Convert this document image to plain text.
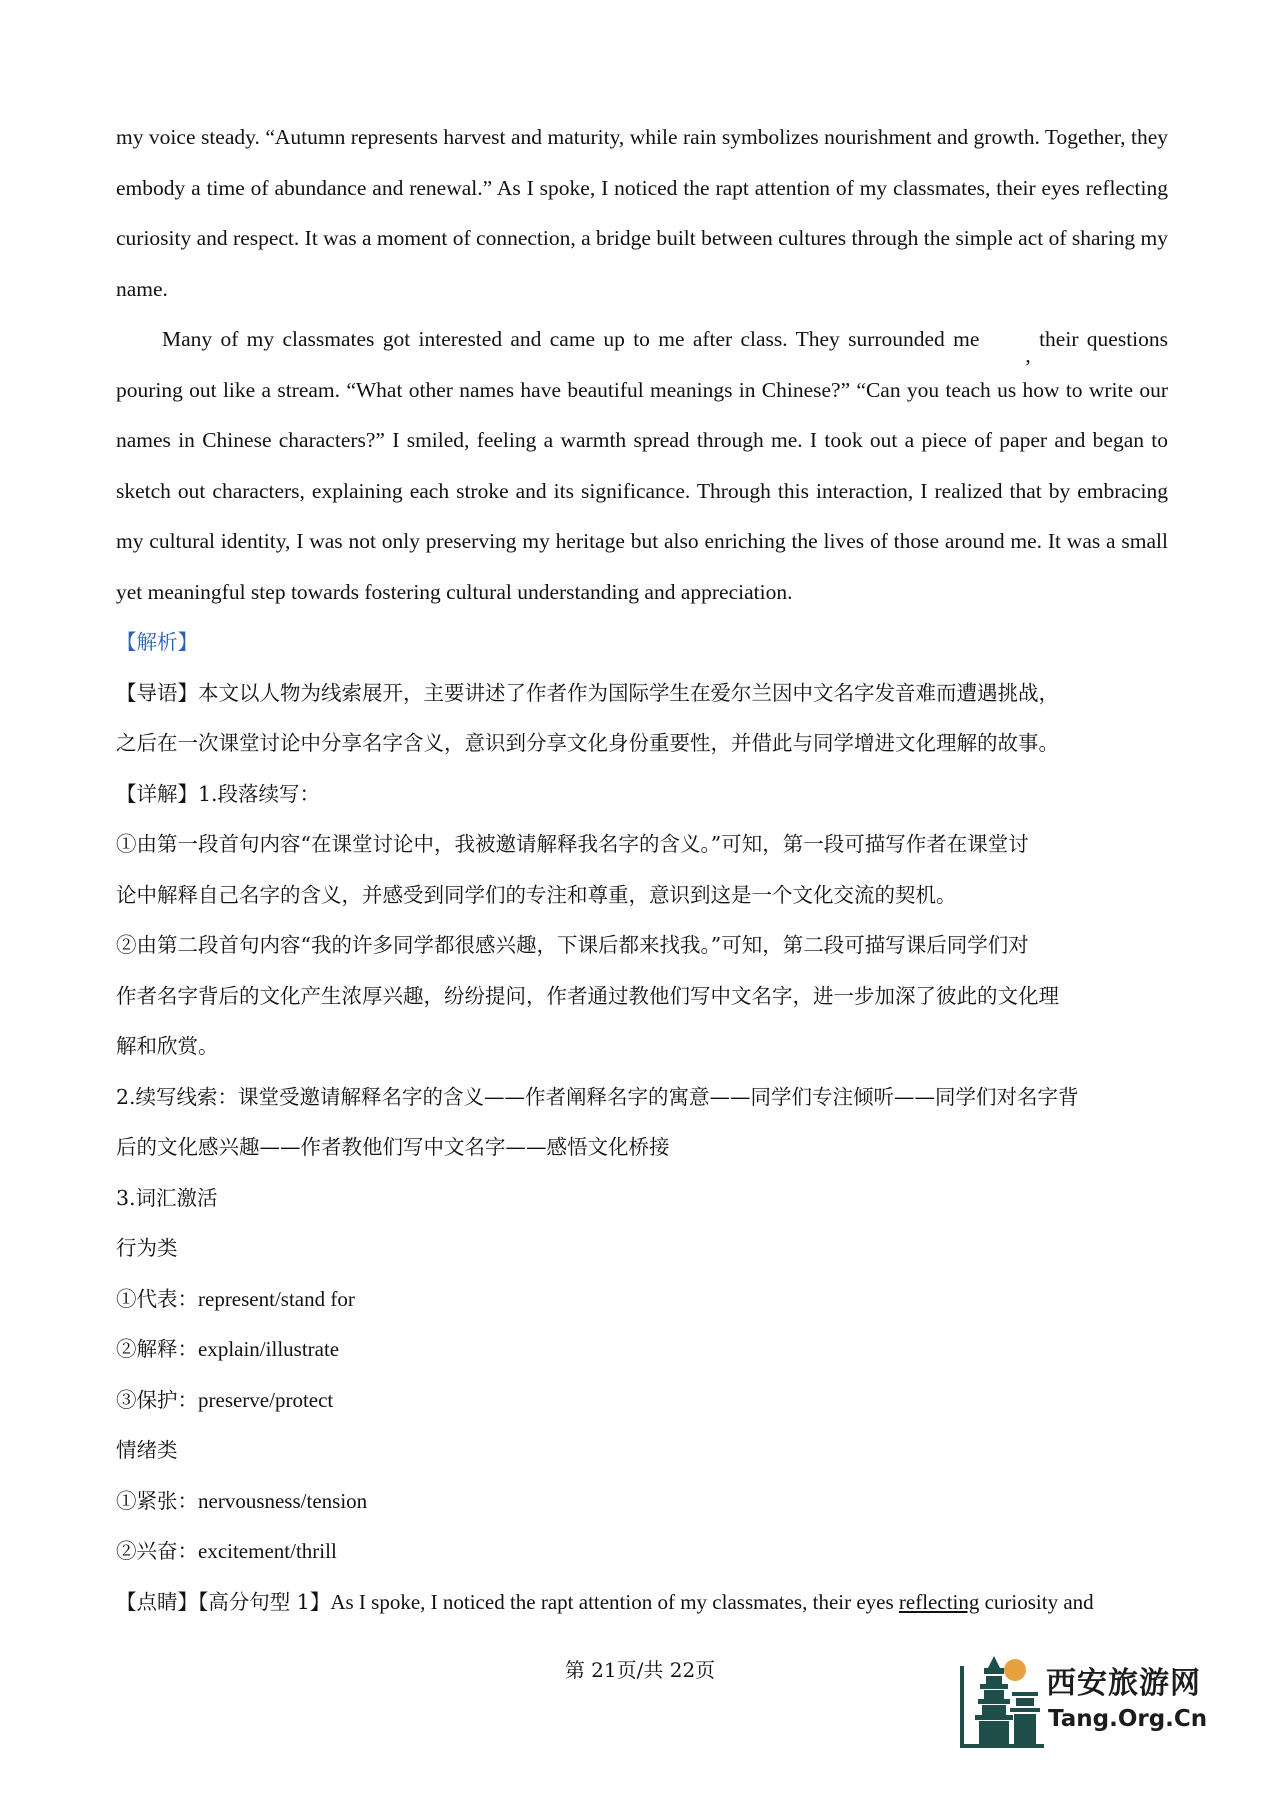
my voice steady. “Autumn represents harvest and maturity, while rain symbolizes nourishment and growth. Together, they embody a time of abundance and renewal.” As I spoke, I noticed the rapt attention of my classmates, their eyes reflecting curiosity and respect. It was a moment of connection, a bridge built between cultures through the simple act of sharing my name.

Many of my classmates got interested and came up to me after class. They surrounded me, their questions pouring out like a stream. “What other names have beautiful meanings in Chinese?” “Can you teach us how to write our names in Chinese characters?” I smiled, feeling a warmth spread through me. I took out a piece of paper and began to sketch out characters, explaining each stroke and its significance. Through this interaction, I realized that by embracing my cultural identity, I was not only preserving my heritage but also enriching the lives of those around me. It was a small yet meaningful step towards fostering cultural understanding and appreciation.

【解析】

【导语】本文以人物为线索展开，主要讲述了作者作为国际学生在爱尔兰因中文名字发音难而遭遇挑战，

之后在一次课堂讨论中分享名字含义，意识到分享文化身份重要性，并借此与同学增进文化理解的故事。

【详解】1.段落续写：

①由第一段首句内容“在课堂讨论中，我被邀请解释我名字的含义。”可知，第一段可描写作者在课堂讨

论中解释自己名字的含义，并感受到同学们的专注和尊重，意识到这是一个文化交流的契机。

②由第二段首句内容“我的许多同学都很感兴趣，下课后都来找我。”可知，第二段可描写课后同学们对

作者名字背后的文化产生浓厚兴趣，纷纷提问，作者通过教他们写中文名字，进一步加深了彼此的文化理

解和欣赏。

2.续写线索：课堂受邀请解释名字的含义——作者阐释名字的寓意——同学们专注倾听——同学们对名字背

后的文化感兴趣——作者教他们写中文名字——感悟文化桥接

3.词汇激活

行为类

①代表：represent/stand for

②解释：explain/illustrate

③保护：preserve/protect

情绪类

①紧张：nervousness/tension

②兴奋：excitement/thrill

【点睛】【高分句型 1】As I spoke, I noticed the rapt attention of my classmates, their eyes reflecting curiosity and

第 21页/共 22页	西安旅游网
Tang.Org.Cn
